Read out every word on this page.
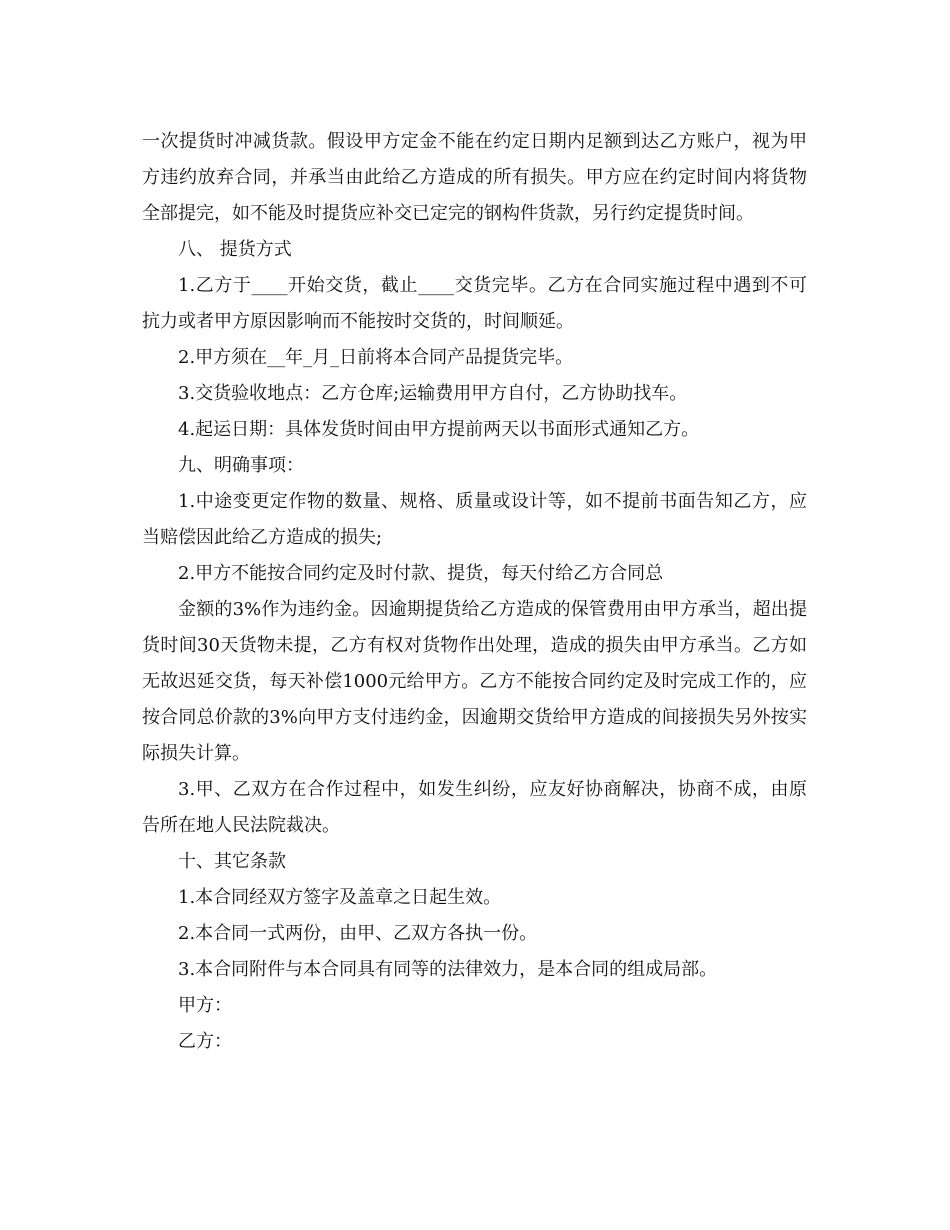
一次提货时冲减货款。假设甲方定金不能在约定日期内足额到达乙方账户，视为甲方违约放弃合同，并承当由此给乙方造成的所有损失。甲方应在约定时间内将货物全部提完，如不能及时提货应补交已定完的钢构件货款，另行约定提货时间。

八、 提货方式

1.乙方于____开始交货，截止____交货完毕。乙方在合同实施过程中遇到不可抗力或者甲方原因影响而不能按时交货的，时间顺延。

2.甲方须在__年_月_日前将本合同产品提货完毕。

3.交货验收地点：乙方仓库;运输费用甲方自付，乙方协助找车。

4.起运日期：具体发货时间由甲方提前两天以书面形式通知乙方。

九、明确事项：

1.中途变更定作物的数量、规格、质量或设计等，如不提前书面告知乙方，应当赔偿因此给乙方造成的损失;

2.甲方不能按合同约定及时付款、提货，每天付给乙方合同总

金额的3%作为违约金。因逾期提货给乙方造成的保管费用由甲方承当，超出提货时间30天货物未提，乙方有权对货物作出处理，造成的损失由甲方承当。乙方如无故迟延交货，每天补偿1000元给甲方。乙方不能按合同约定及时完成工作的，应按合同总价款的3%向甲方支付违约金，因逾期交货给甲方造成的间接损失另外按实际损失计算。

3.甲、乙双方在合作过程中，如发生纠纷，应友好协商解决，协商不成，由原告所在地人民法院裁决。

十、其它条款

1.本合同经双方签字及盖章之日起生效。

2.本合同一式两份，由甲、乙双方各执一份。

3.本合同附件与本合同具有同等的法律效力，是本合同的组成局部。

甲方：

乙方：
